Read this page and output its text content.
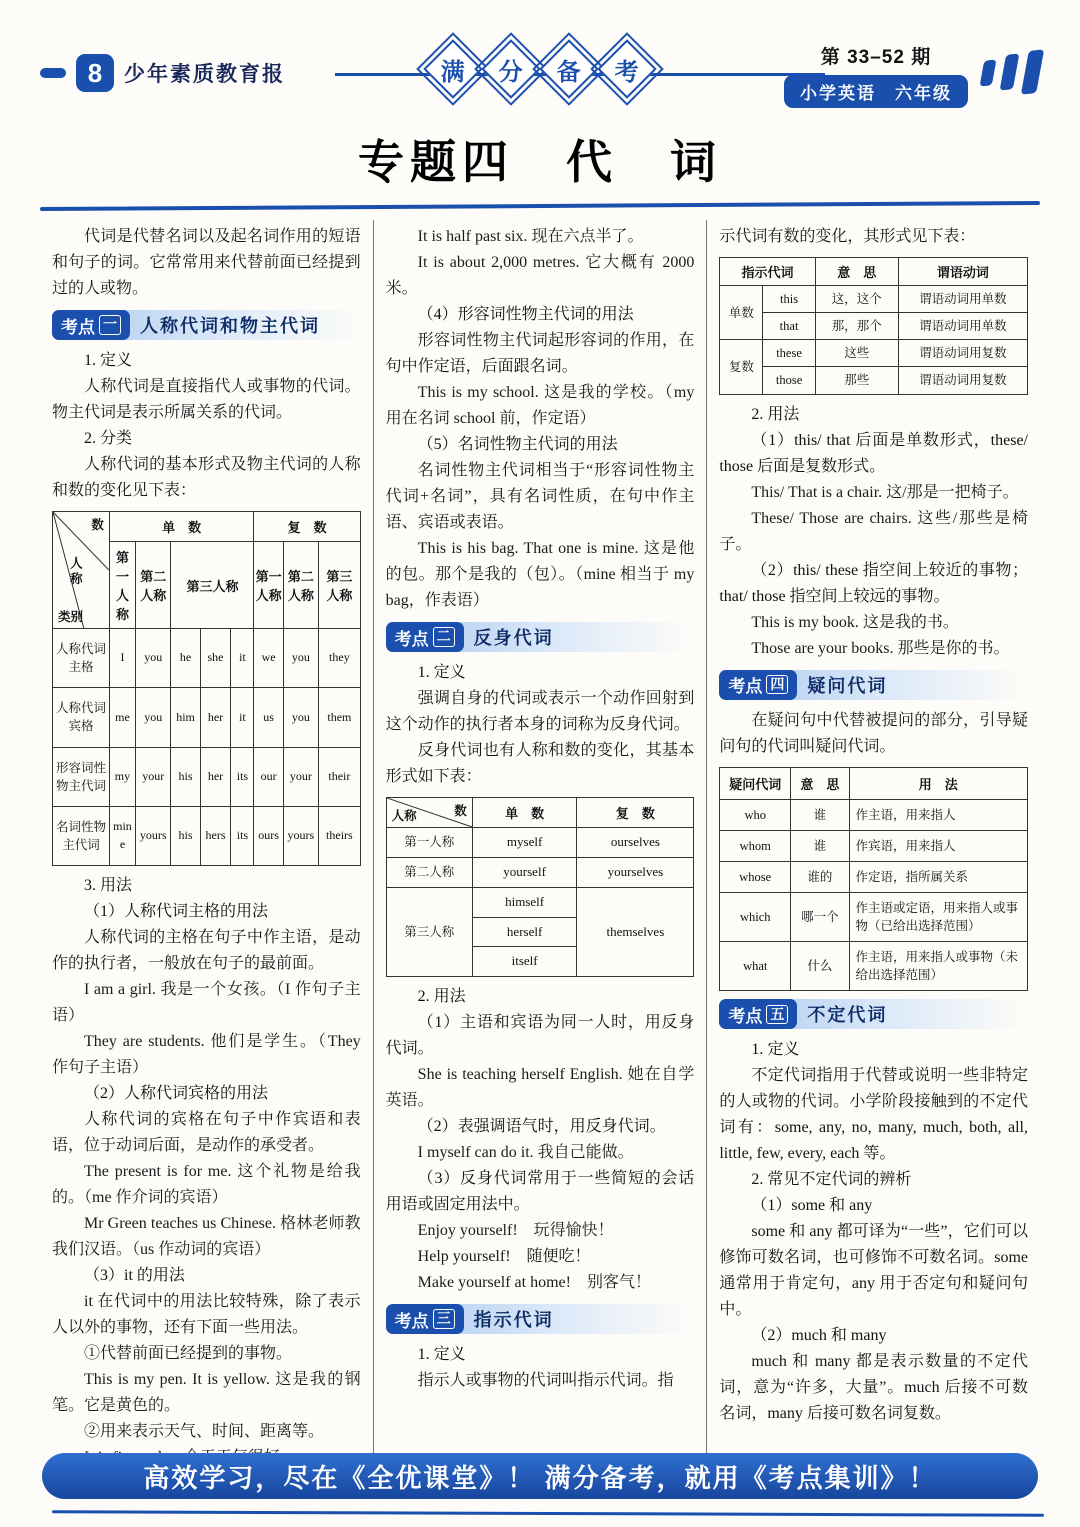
8	少年素质教育报	满 分 备 考
第 33–52 期
小学英语　六年级
专题四　代　词

代词是代替名词以及起名词作用的短语和句子的词。它常常用来代替前面已经提到过的人或物。

考点 一	人称代词和物主代词

1. 定义

人称代词是直接指代人或事物的代词。物主代词是表示所属关系的代词。

2. 分类

人称代词的基本形式及物主代词的人称和数的变化见下表：

数
人称
类别	单　数					复　数		
	第一人称	第二人称	第三人称			第一人称	第二人称	第三人称
人称代词主格	I	you	he	she	it	we	you	they
人称代词宾格	me	you	him	her	it	us	you	them
形容词性物主代词	my	your	his	her	its	our	your	their
名词性物主代词	mine	yours	his	hers	its	ours	yours	theirs

3. 用法

（1）人称代词主格的用法

人称代词的主格在句子中作主语，是动作的执行者，一般放在句子的最前面。

I am a girl. 我是一个女孩。（I 作句子主语）

They are students. 他们是学生。（They 作句子主语）

（2）人称代词宾格的用法

人称代词的宾格在句子中作宾语和表语，位于动词后面，是动作的承受者。

The present is for me. 这个礼物是给我的。（me 作介词的宾语）

Mr Green teaches us Chinese. 格林老师教我们汉语。（us 作动词的宾语）

（3）it 的用法

it 在代词中的用法比较特殊，除了表示人以外的事物，还有下面一些用法。

①代替前面已经提到的事物。

This is my pen. It is yellow. 这是我的钢笔。它是黄色的。

②用来表示天气、时间、距离等。

It is half past six. 现在六点半了。

It is about 2,000 metres. 它大概有 2000 米。

（4）形容词性物主代词的用法

形容词性物主代词起形容词的作用，在句中作定语，后面跟名词。

This is my school. 这是我的学校。（my 用在名词 school 前，作定语）

（5）名词性物主代词的用法

名词性物主代词相当于“形容词性物主代词+名词”，具有名词性质，在句中作主语、宾语或表语。

This is his bag. That one is mine. 这是他的包。那个是我的（包）。（mine 相当于 my bag，作表语）

考点 二	反身代词

1. 定义

强调自身的代词或表示一个动作回射到这个动作的执行者本身的词称为反身代词。

反身代词也有人称和数的变化，其基本形式如下表：

数
人称	单　数	复　数
第一人称	myself	ourselves
第二人称	yourself	yourselves
第三人称	himself	themselves
	herself	
	itself	

2. 用法

（1）主语和宾语为同一人时，用反身代词。

She is teaching herself English. 她在自学英语。

（2）表强调语气时，用反身代词。

I myself can do it. 我自己能做。

（3）反身代词常用于一些简短的会话用语或固定用法中。

Enjoy yourself!　玩得愉快！

Help yourself!　随便吃！

Make yourself at home!　别客气！

考点 三	指示代词

1. 定义

指示人或事物的代词叫指示代词。指

示代词有数的变化，其形式见下表：

指示代词		意　思	谓语动词
单数	this	这，这个	谓语动词用单数
	that	那，那个	谓语动词用单数
复数	these	这些	谓语动词用复数
	those	那些	谓语动词用复数

2. 用法

（1）this/ that 后面是单数形式，these/ those 后面是复数形式。

This/ That is a chair. 这/那是一把椅子。

These/ Those are chairs. 这些/那些是椅子。

（2）this/ these 指空间上较近的事物；that/ those 指空间上较远的事物。

This is my book. 这是我的书。

Those are your books. 那些是你的书。

考点 四	疑问代词

在疑问句中代替被提问的部分，引导疑问句的代词叫疑问代词。

疑问代词	意　思	用　法
who	谁	作主语，用来指人
whom	谁	作宾语，用来指人
whose	谁的	作定语，指所属关系
which	哪一个	作主语或定语，用来指人或事物（已给出选择范围）
what	什么	作主语，用来指人或事物（未给出选择范围）
考点 五	不定代词

1. 定义

不定代词指用于代替或说明一些非特定的人或物的代词。小学阶段接触到的不定代词有：some, any, no, many, much, both, all, little, few, every, each 等。

2. 常见不定代词的辨析

（1）some 和 any

some 和 any 都可译为“一些”，它们可以修饰可数名词，也可修饰不可数名词。some 通常用于肯定句，any 用于否定句和疑问句中。

（2）much 和 many

much 和 many 都是表示数量的不定代词，意为“许多，大量”。much 后接不可数名词，many 后接可数名词复数。

高效学习，尽在《全优课堂》！ 满分备考，就用《考点集训》！
